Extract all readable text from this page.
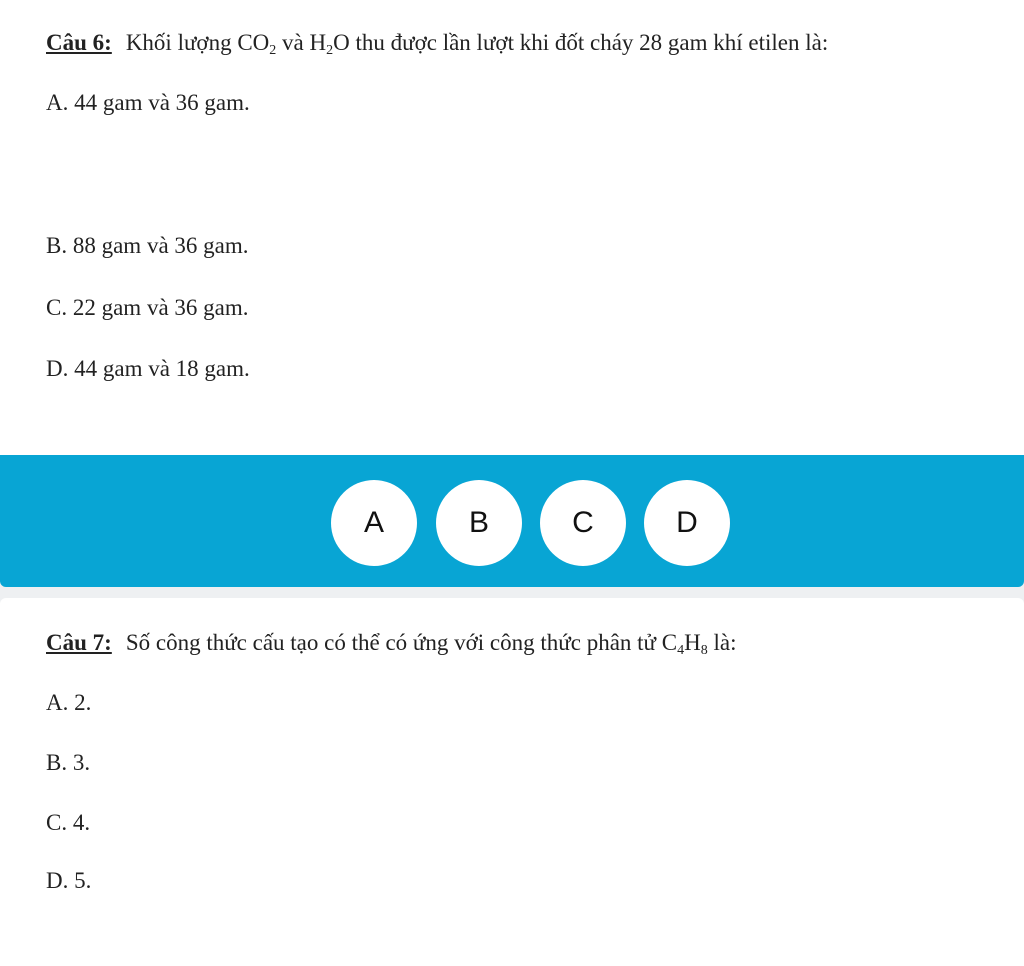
Câu 6: Khối lượng $CO_2$ và $H_2O$ thu được lần lượt khi đốt cháy 28 gam khí etilen là:
A. 44 gam và 36 gam.
B. 88 gam và 36 gam.
C. 22 gam và 36 gam.
D. 44 gam và 18 gam.
A	B	C	D
Câu 7: Số công thức cấu tạo có thể có ứng với công thức phân tử $C_4H_8$ là:
A. 2.
B. 3.
C. 4.
D. 5.
